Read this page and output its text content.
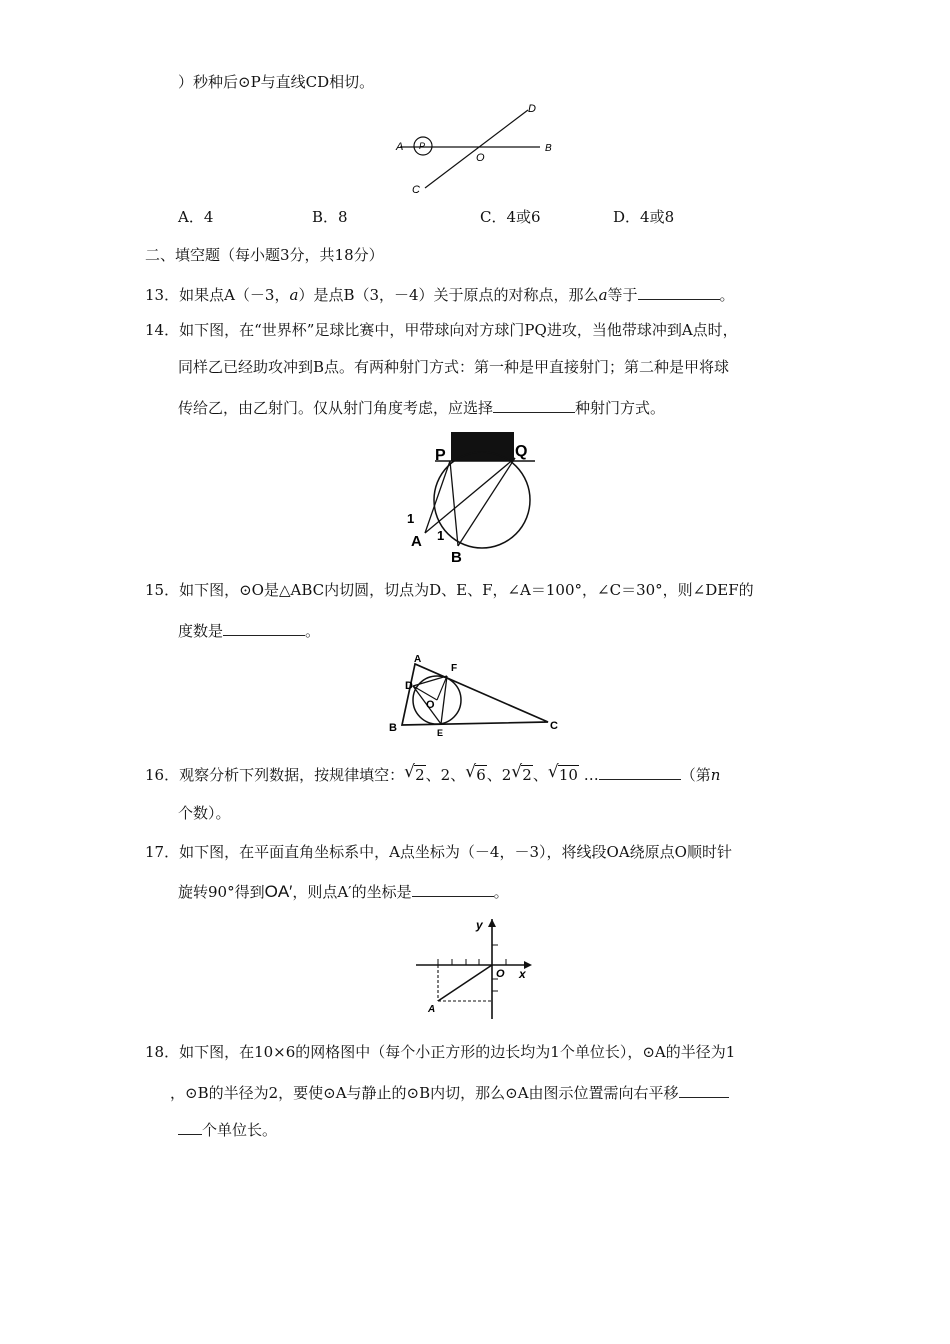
）秒种后⊙P与直线CD相切。
A P
O
B
C
D
A．4	B．8	C．4或6	D．4或8
二、填空题（每小题3分，共18分）
13．如果点A（－3，a）是点B（3，－4）关于原点的对称点，那么a等于	。
14．如下图，在“世界杯”足球比赛中，甲带球向对方球门PQ进攻，当他带球冲到A点时，
同样乙已经助攻冲到B点。有两种射门方式：第一种是甲直接射门；第二种是甲将球
传给乙，由乙射门。仅从射门角度考虑，应选择	种射门方式。
P	Q
A
B
1
1
15．如下图，⊙O是△ABC内切圆，切点为D、E、F，∠A＝100°，∠C＝30°，则∠DEF的
度数是	。
A
F
D
O
B	E
C
16．观察分析下列数据，按规律填空： √ 2、2、 √ 6、2 √ 2、 √ 10 …	（第n
个数）。
17．如下图，在平面直角坐标系中，A点坐标为（－4，－3），将线段OA绕原点O顺时针
旋转90°得到OA′，则点A′的坐标是	。
y
O x
A
18．如下图，在10×6的网格图中（每个小正方形的边长均为1个单位长），⊙A的半径为1
，⊙B的半径为2，要使⊙A与静止的⊙B内切，那么⊙A由图示位置需向右平移
个单位长。
